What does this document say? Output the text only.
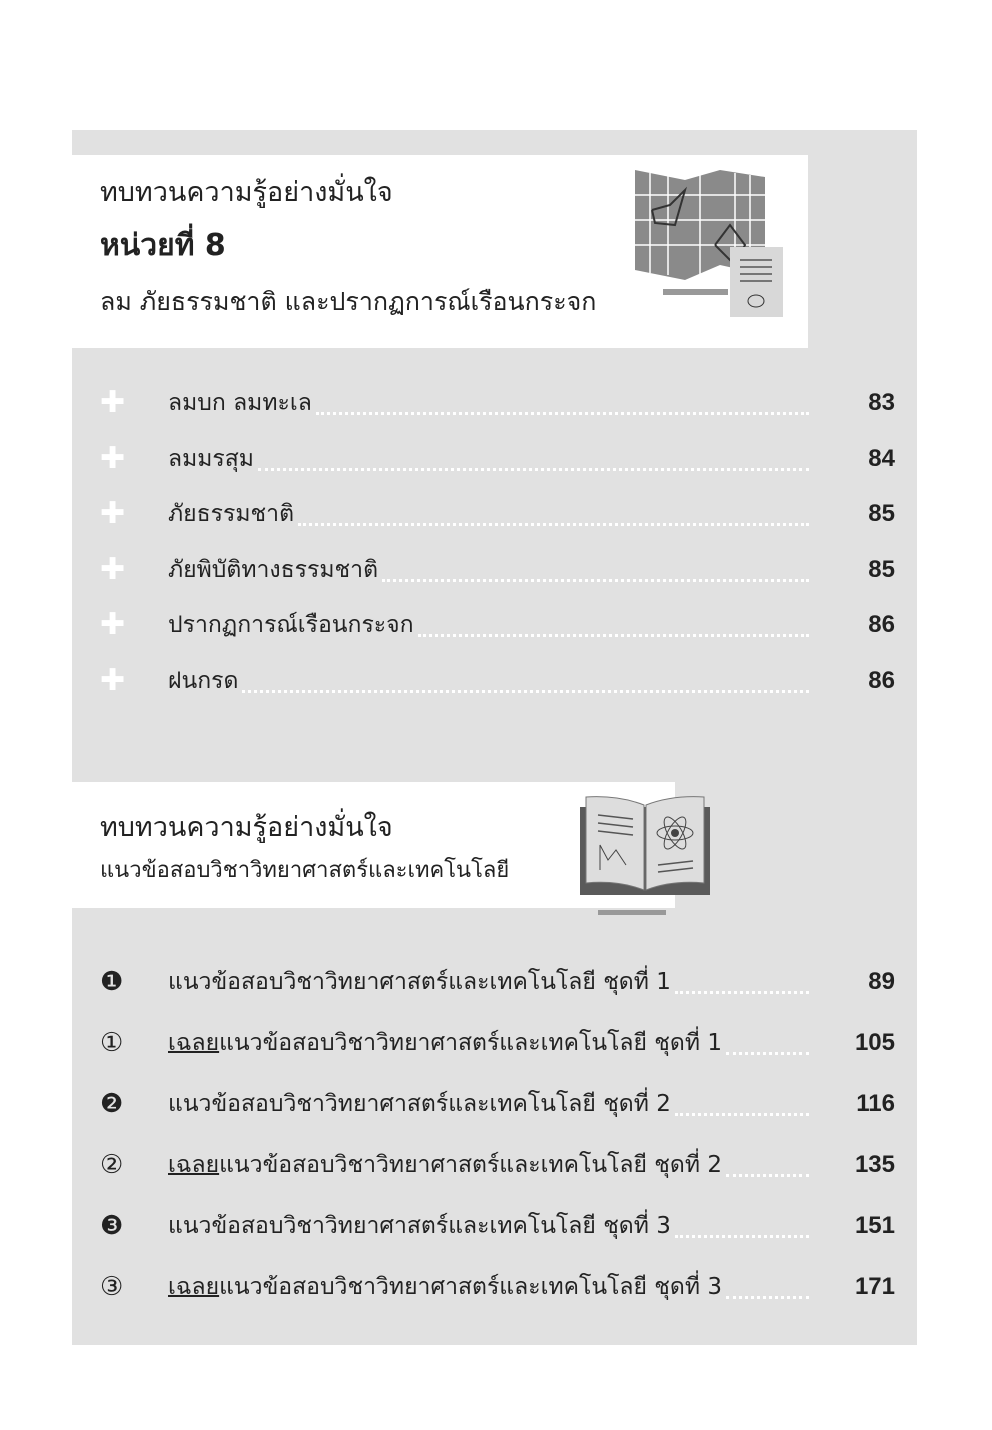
ทบทวนความรู้อย่างมั่นใจ
หน่วยที่ 8
ลม ภัยธรรมชาติ และปรากฏการณ์เรือนกระจก
✚ ลมบก ลมทะเล	83
✚ ลมมรสุม	84
✚ ภัยธรรมชาติ	85
✚ ภัยพิบัติทางธรรมชาติ	85
✚ ปรากฏการณ์เรือนกระจก	86
✚ ฝนกรด	86
ทบทวนความรู้อย่างมั่นใจ
แนวข้อสอบวิชาวิทยาศาสตร์และเทคโนโลยี
❶ แนวข้อสอบวิชาวิทยาศาสตร์และเทคโนโลยี ชุดที่ 1	89
① เฉลยแนวข้อสอบวิชาวิทยาศาสตร์และเทคโนโลยี ชุดที่ 1	105
❷ แนวข้อสอบวิชาวิทยาศาสตร์และเทคโนโลยี ชุดที่ 2	116
② เฉลยแนวข้อสอบวิชาวิทยาศาสตร์และเทคโนโลยี ชุดที่ 2	135
❸ แนวข้อสอบวิชาวิทยาศาสตร์และเทคโนโลยี ชุดที่ 3	151
③ เฉลยแนวข้อสอบวิชาวิทยาศาสตร์และเทคโนโลยี ชุดที่ 3	171
